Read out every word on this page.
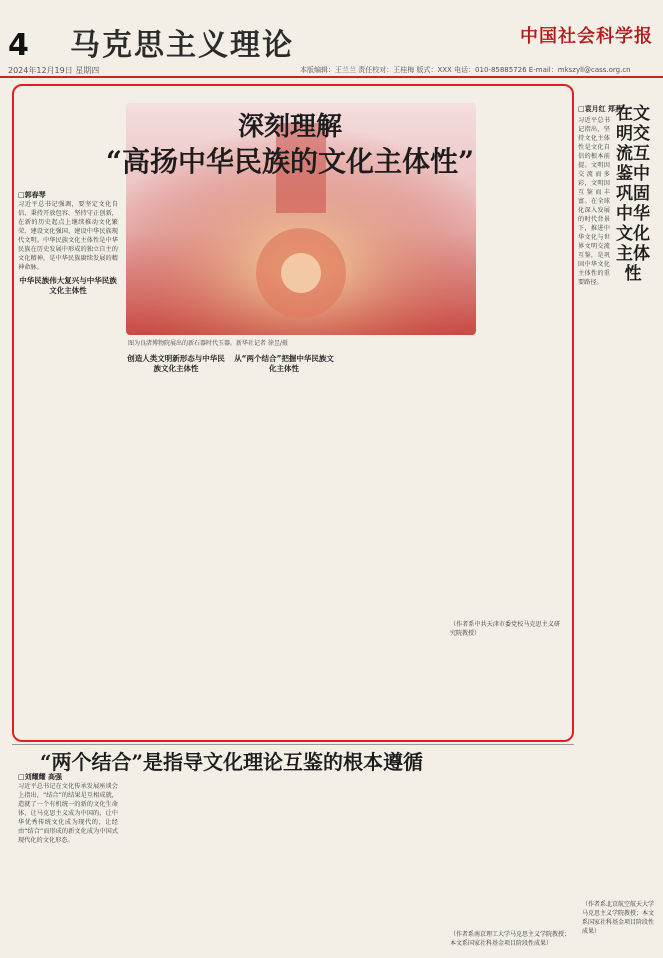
4 马克思主义理论	中国社会科学报
2024年12月19日 星期四	本版编辑：王兰兰 责任校对：王桂梅 版式：XXX 电话：010-85885726 E-mail：mkszyll@cass.org.cn
深刻理解
“高扬中华民族的文化主体性”
图为良渚博物院展出的新石器时代玉器。新华社记者 徐昱/摄
□郭春琴
习近平总书记强调，要坚定文化自信、秉持开放包容、坚持守正创新，在新的历史起点上继续推动文化繁荣、建设文化强国、建设中华民族现代文明。中华民族文化主体性是中华民族在历史发展中形成的独立自主的文化精神，是中华民族赓续发展的精神命脉。
中华民族伟大复兴与中华民族文化主体性
创造人类文明新形态与中华民族文化主体性
从“两个结合”把握中华民族文化主体性
（作者系中共天津市委党校马克思主义研究院教授）
□袁月红 郑燕
在文明交流互鉴中巩固中华文化主体性
习近平总书记指出，坚持文化主体性是文化自信的根本前提。文明因交流而多彩，文明因互鉴而丰富。在全球化深入发展的时代背景下，推进中华文化与世界文明交流互鉴，是巩固中华文化主体性的重要路径。
（作者系北京航空航天大学马克思主义学院教授；本文系国家社科基金项目阶段性成果）
“两个结合”是指导文化理论互鉴的根本遵循
□刘耀耀 高强
习近平总书记在文化传承发展座谈会上指出，“结合”的结果是互相成就，造就了一个有机统一的新的文化生命体，让马克思主义成为中国的，让中华优秀传统文化成为现代的，让经由“结合”而形成的新文化成为中国式现代化的文化形态。
（作者系南京理工大学马克思主义学院教授；本文系国家社科基金项目阶段性成果）
